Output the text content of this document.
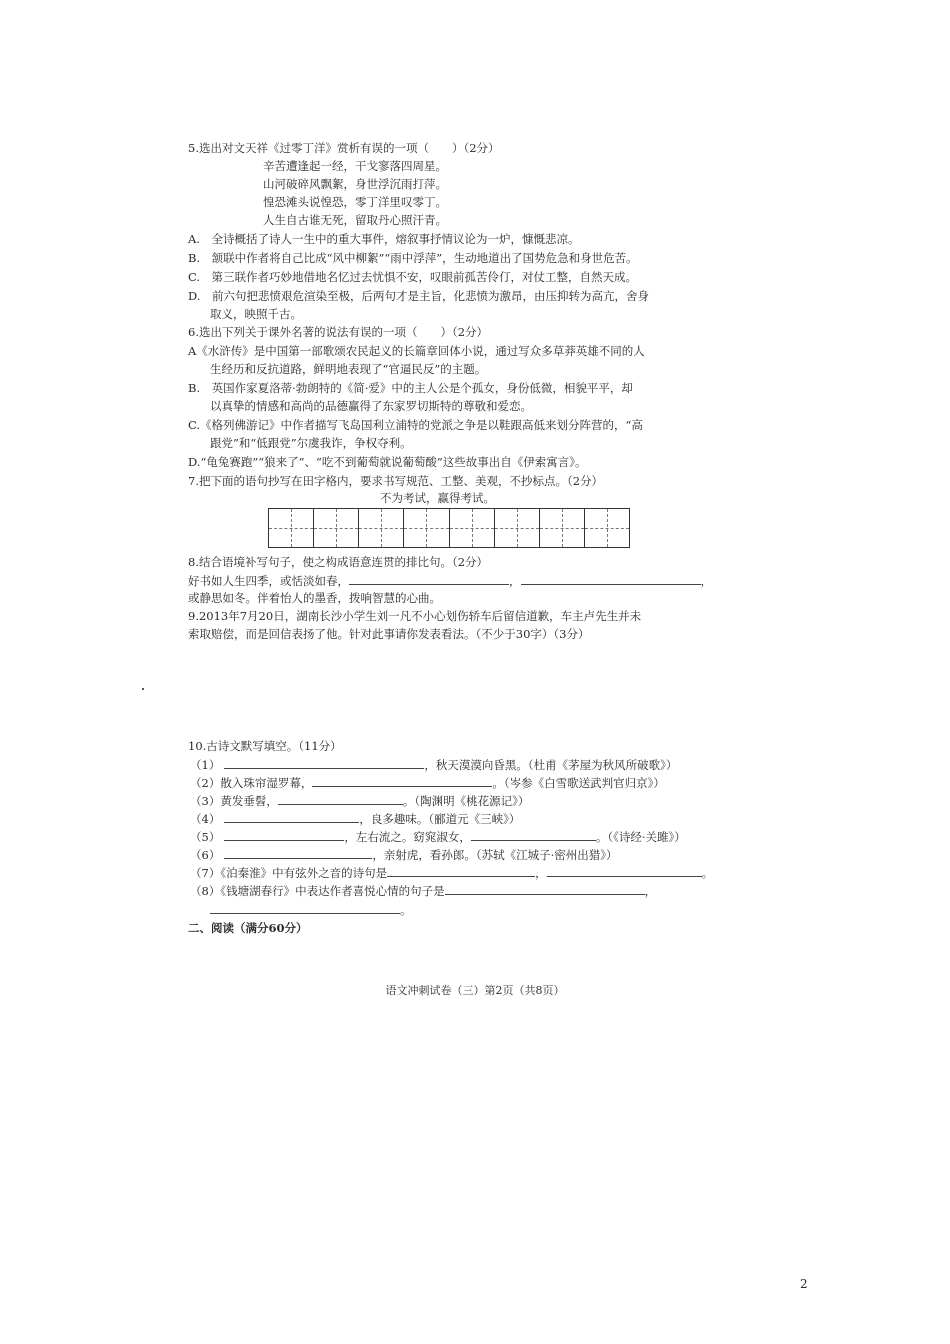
5.选出对文天祥《过零丁洋》赏析有误的一项（　　）（2分）
辛苦遭逢起一经，干戈寥落四周星。
山河破碎风飘絮，身世浮沉雨打萍。
惶恐滩头说惶恐，零丁洋里叹零丁。
人生自古谁无死，留取丹心照汗青。
A.　全诗概括了诗人一生中的重大事件，熔叙事抒情议论为一炉，慷慨悲凉。
B.　颔联中作者将自己比成“风中柳絮”“雨中浮萍”，生动地道出了国势危急和身世危苦。
C.　第三联作者巧妙地借地名忆过去忧惧不安，叹眼前孤苦伶仃，对仗工整，自然天成。
D.　前六句把悲愤艰危渲染至极，后两句才是主旨，化悲愤为激昂，由压抑转为高亢，舍身
取义，映照千古。
6.选出下列关于课外名著的说法有误的一项（　　）（2分）
A《水浒传》是中国第一部歌颂农民起义的长篇章回体小说，通过写众多草莽英雄不同的人
生经历和反抗道路，鲜明地表现了“官逼民反”的主题。
B.　英国作家夏洛蒂·勃朗特的《简·爱》中的主人公是个孤女，身份低微，相貌平平，却
以真挚的情感和高尚的品德赢得了东家罗切斯特的尊敬和爱恋。
C.《格列佛游记》中作者描写飞岛国利立浦特的党派之争是以鞋跟高低来划分阵营的，“高
跟党”和“低跟党”尔虞我诈，争权夺利。
D.“龟兔赛跑”“狼来了”、“吃不到葡萄就说葡萄酸”这些故事出自《伊索寓言》。
7.把下面的语句抄写在田字格内，要求书写规范、工整、美观，不抄标点。（2分）
不为考试，赢得考试。
8.结合语境补写句子，使之构成语意连贯的排比句。（2分）
好书如人生四季，或恬淡如春，	，	，
或静思如冬。伴着怡人的墨香，拨响智慧的心曲。
9.2013年7月20日，湖南长沙小学生刘一凡不小心划伤轿车后留信道歉，车主卢先生并未
索取赔偿，而是回信表扬了他。针对此事请你发表看法。（不少于30字）（3分）
10.古诗文默写填空。（11分）
（1）	，秋天漠漠向昏黑。（杜甫《茅屋为秋风所破歌》）
（2）散入珠帘湿罗幕，	。（岑参《白雪歌送武判官归京》）
（3）黄发垂髫，	。（陶渊明《桃花源记》）
（4）	，良多趣味。（郦道元《三峡》）
（5）	，左右流之。窈窕淑女，	。（《诗经·关雎》）
（6）	，亲射虎，看孙郎。（苏轼《江城子·密州出猎》）
（7）《泊秦淮》中有弦外之音的诗句是	，	。
（8）《钱塘湖春行》中表达作者喜悦心情的句子是	，
。
二、阅读（满分60分）
语文冲刺试卷（三）第2页（共8页）
2
